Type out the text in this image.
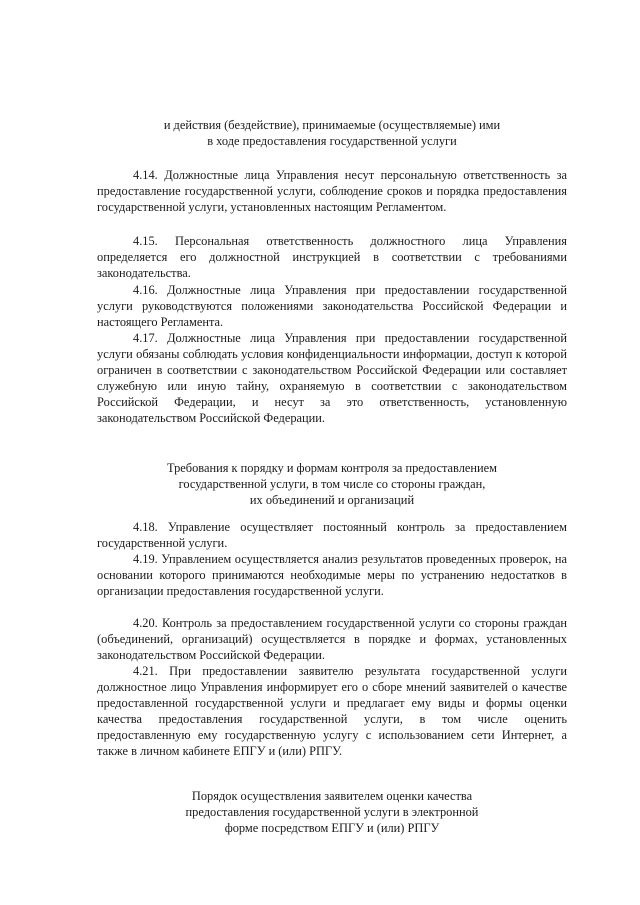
и действия (бездействие), принимаемые (осуществляемые) ими
в ходе предоставления государственной услуги

4.14. Должностные лица Управления несут персональную ответственность за предоставление государственной услуги, соблюдение сроков и порядка предоставления государственной услуги, установленных настоящим Регламентом.

4.15. Персональная ответственность должностного лица Управления определяется его должностной инструкцией в соответствии с требованиями законодательства.

4.16. Должностные лица Управления при предоставлении государственной услуги руководствуются положениями законодательства Российской Федерации и настоящего Регламента.

4.17. Должностные лица Управления при предоставлении государственной услуги обязаны соблюдать условия конфиденциальности информации, доступ к которой ограничен в соответствии с законодательством Российской Федерации или составляет служебную или иную тайну, охраняемую в соответствии с законодательством Российской Федерации, и несут за это ответственность, установленную законодательством Российской Федерации.

Требования к порядку и формам контроля за предоставлением
государственной услуги, в том числе со стороны граждан,
их объединений и организаций

4.18. Управление осуществляет постоянный контроль за предоставлением государственной услуги.

4.19. Управлением осуществляется анализ результатов проведенных проверок, на основании которого принимаются необходимые меры по устранению недостатков в организации предоставления государственной услуги.

4.20. Контроль за предоставлением государственной услуги со стороны граждан (объединений, организаций) осуществляется в порядке и формах, установленных законодательством Российской Федерации.

4.21. При предоставлении заявителю результата государственной услуги должностное лицо Управления информирует его о сборе мнений заявителей о качестве предоставленной государственной услуги и предлагает ему виды и формы оценки качества предоставления государственной услуги, в том числе оценить предоставленную ему государственную услугу с использованием сети Интернет, а также в личном кабинете ЕПГУ и (или) РПГУ.

Порядок осуществления заявителем оценки качества
предоставления государственной услуги в электронной
форме посредством ЕПГУ и (или) РПГУ
